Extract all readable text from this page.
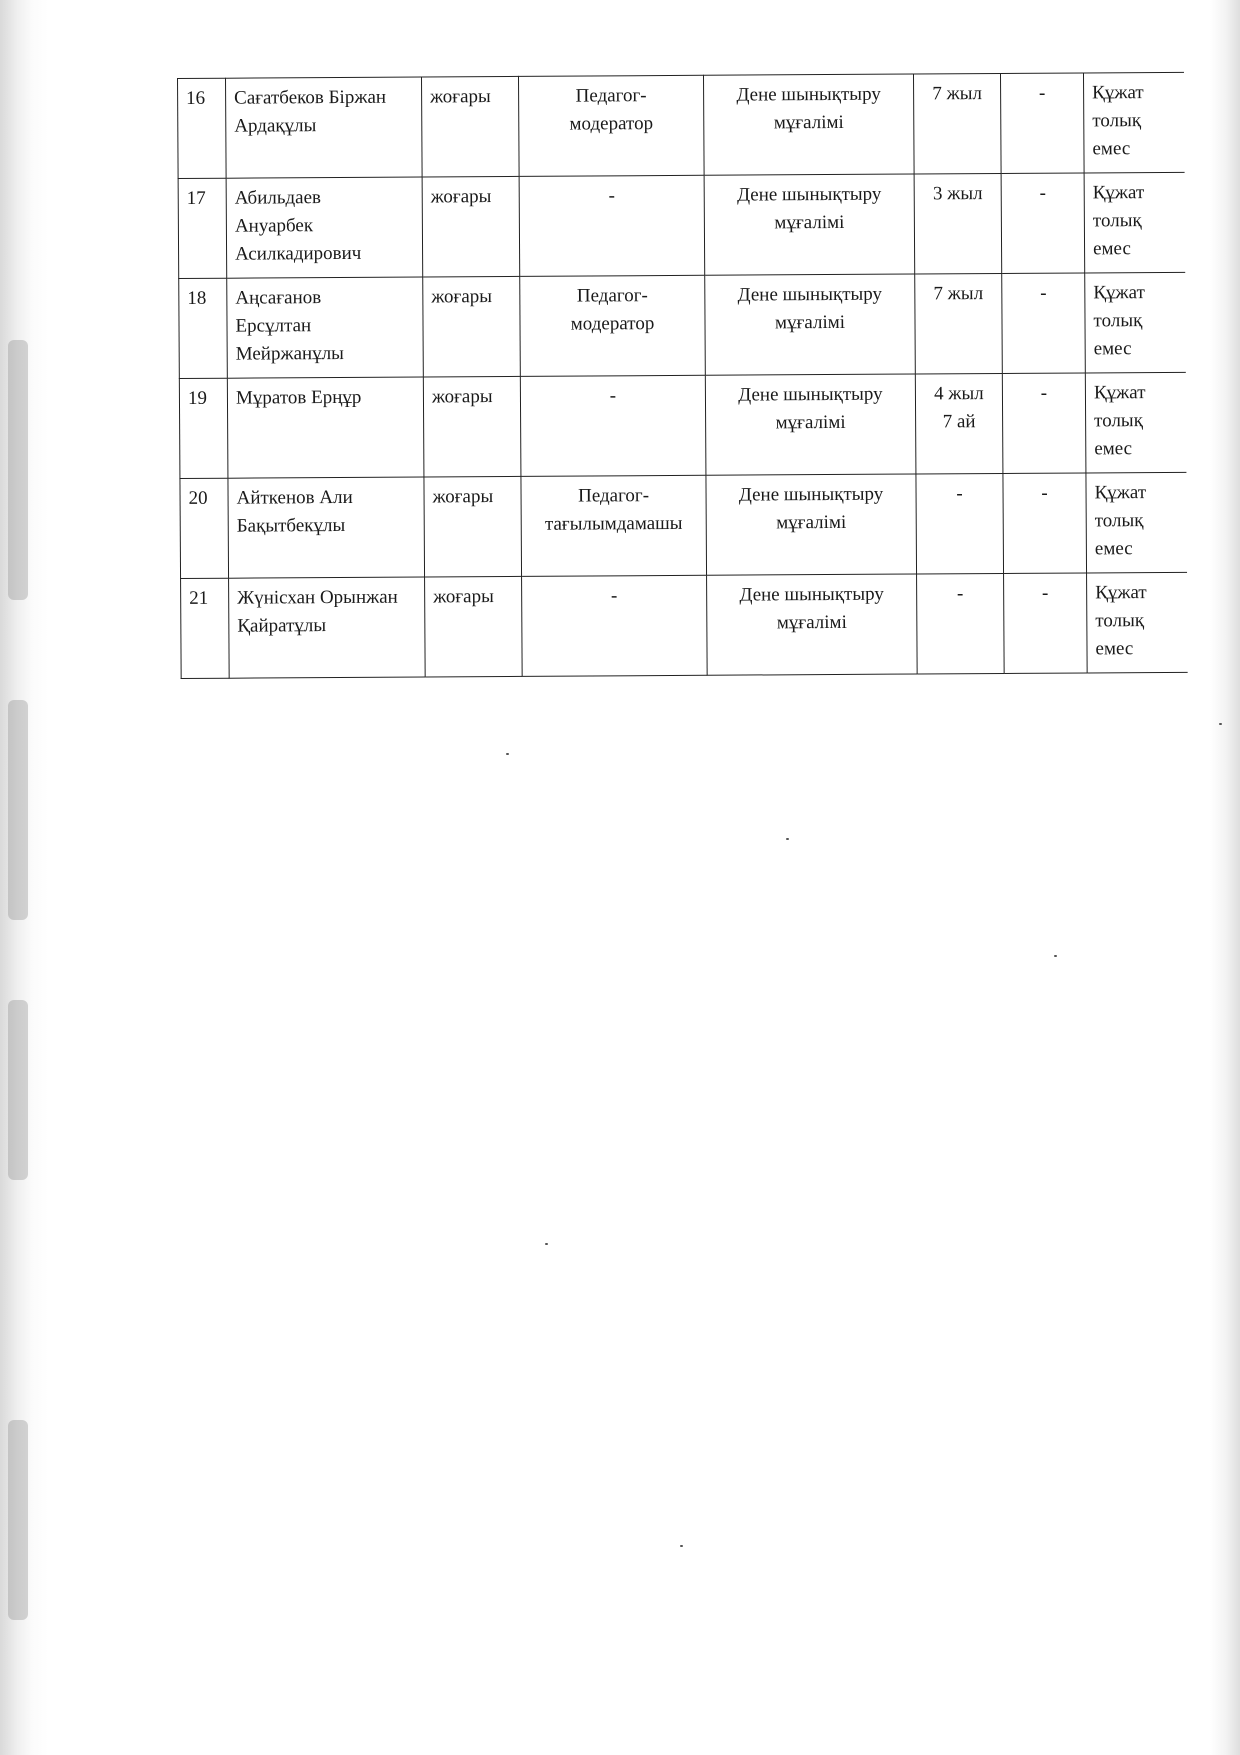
16	Сағатбеков Біржан
Ардақұлы	жоғары	Педагог-
модератор	Дене шынықтыру
мұғалімі	7 жыл	-	Құжат
толық
емес
17	Абильдаев
Ануарбек
Асилкадирович	жоғары	-	Дене шынықтыру
мұғалімі	3 жыл	-	Құжат
толық
емес
18	Аңсағанов
Ерсұлтан
Мейржанұлы	жоғары	Педагог-
модератор	Дене шынықтыру
мұғалімі	7 жыл	-	Құжат
толық
емес
19	Мұратов Ерңұр	жоғары	-	Дене шынықтыру
мұғалімі	4 жыл
7 ай	-	Құжат
толық
емес
20	Айткенов Али
Бақытбекұлы	жоғары	Педагог-
тағылымдамашы	Дене шынықтыру
мұғалімі	-	-	Құжат
толық
емес
21	Жүнісхан Орынжан
Қайратұлы	жоғары	-	Дене шынықтыру
мұғалімі	-	-	Құжат
толық
емес
